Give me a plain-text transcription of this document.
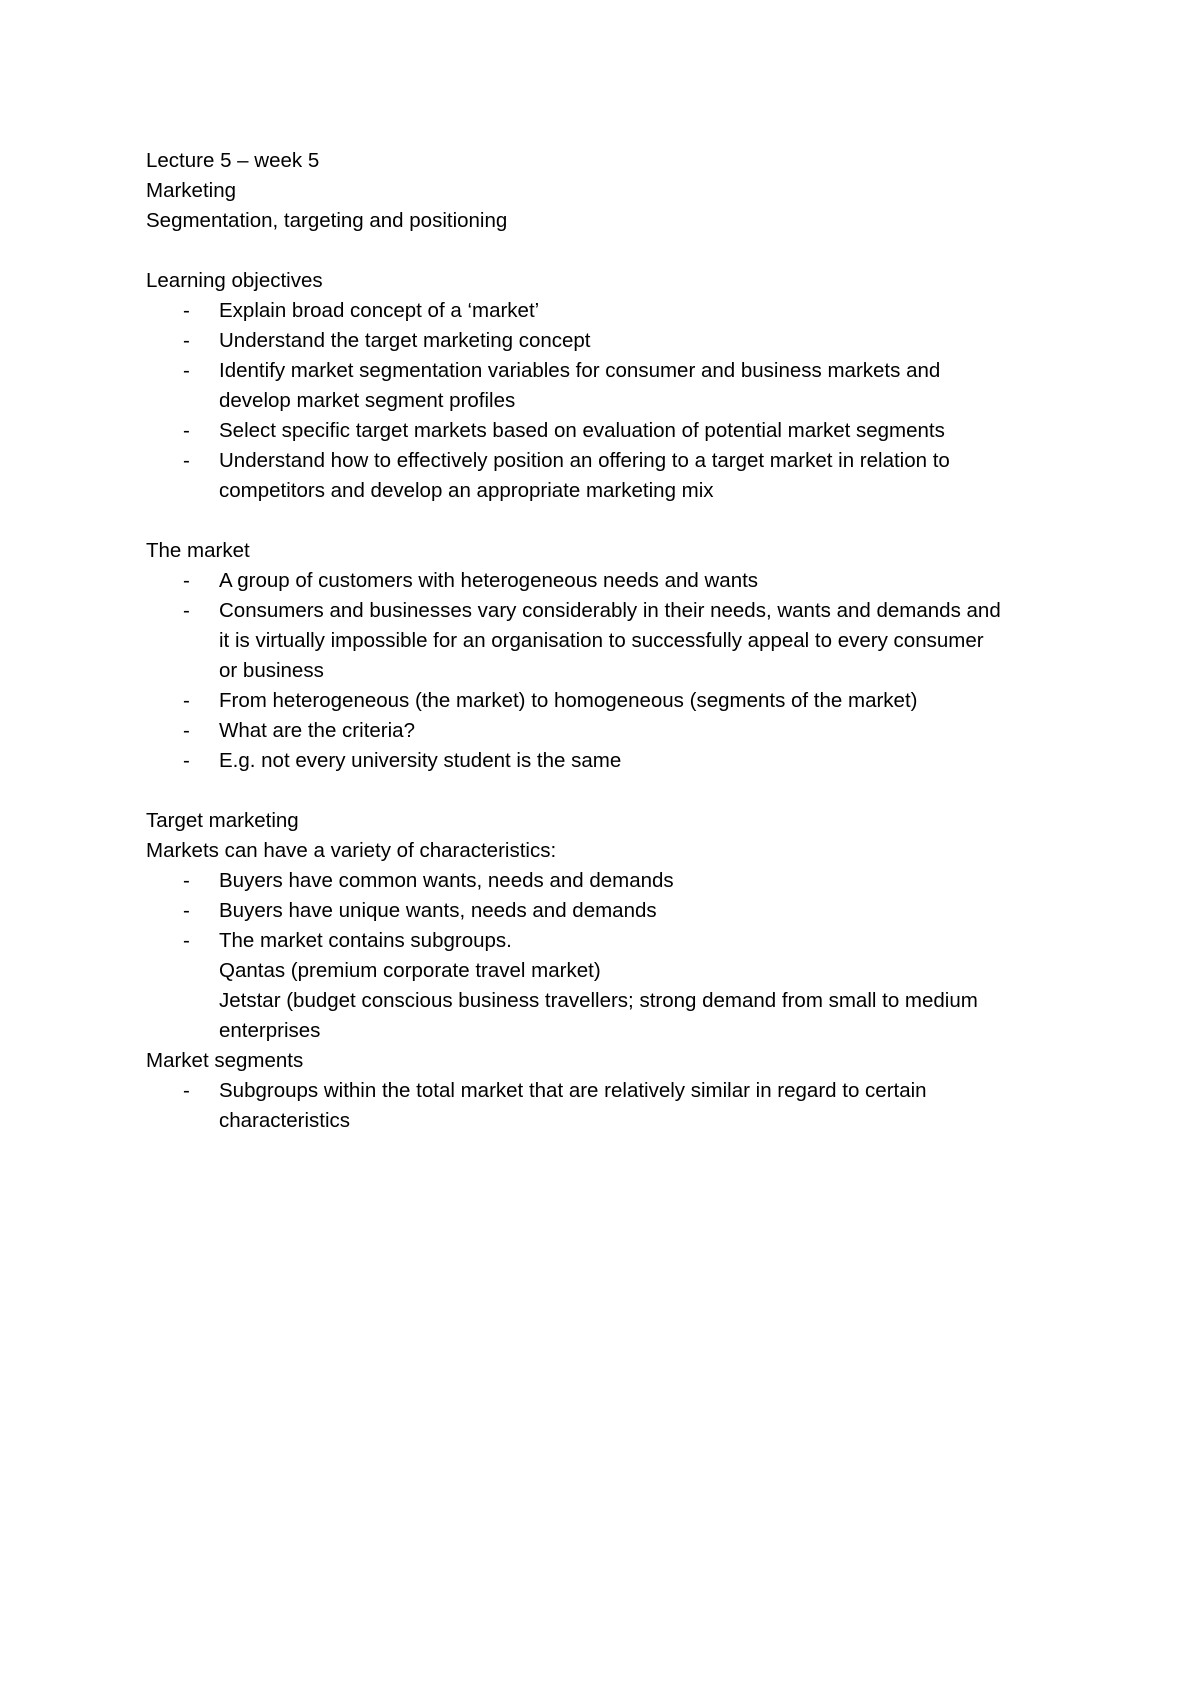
Lecture 5 – week 5

Marketing

Segmentation, targeting and positioning

Learning objectives

- Explain broad concept of a ‘market’
- Understand the target marketing concept
- Identify market segmentation variables for consumer and business markets and
develop market segment profiles
- Select specific target markets based on evaluation of potential market segments
- Understand how to effectively position an offering to a target market in relation to
competitors and develop an appropriate marketing mix

The market

- A group of customers with heterogeneous needs and wants
- Consumers and businesses vary considerably in their needs, wants and demands and
it is virtually impossible for an organisation to successfully appeal to every consumer
or business
- From heterogeneous (the market) to homogeneous (segments of the market)
- What are the criteria?
- E.g. not every university student is the same

Target marketing

Markets can have a variety of characteristics:

- Buyers have common wants, needs and demands
- Buyers have unique wants, needs and demands
- The market contains subgroups.

Qantas (premium corporate travel market)

Jetstar (budget conscious business travellers; strong demand from small to medium

enterprises

Market segments

- Subgroups within the total market that are relatively similar in regard to certain
characteristics
